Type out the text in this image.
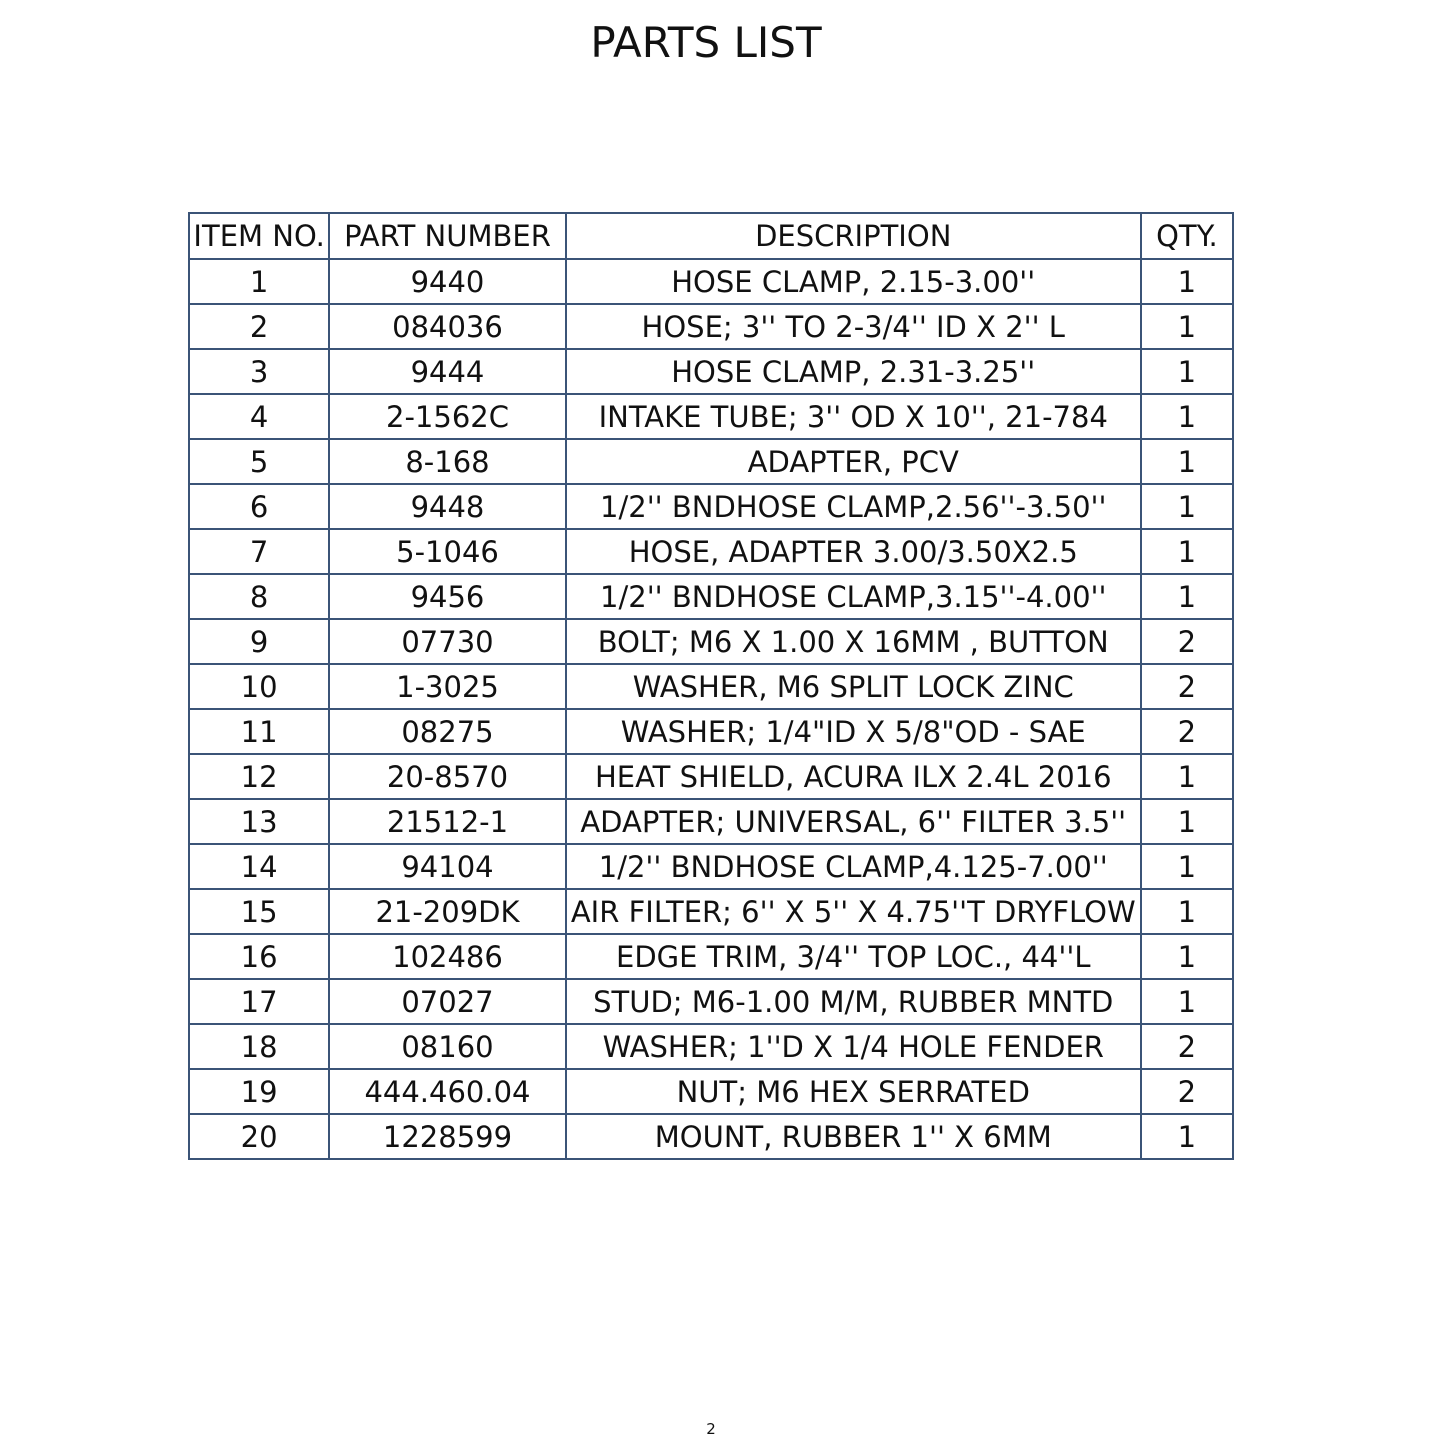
PARTS LIST
ITEM NO.	PART NUMBER	DESCRIPTION	QTY.
1	9440	HOSE CLAMP, 2.15-3.00''	1
2	084036	HOSE; 3'' TO 2-3/4'' ID X 2'' L	1
3	9444	HOSE CLAMP, 2.31-3.25''	1
4	2-1562C	INTAKE TUBE; 3'' OD X 10'', 21-784	1
5	8-168	ADAPTER, PCV	1
6	9448	1/2'' BNDHOSE CLAMP,2.56''-3.50''	1
7	5-1046	HOSE, ADAPTER 3.00/3.50X2.5	1
8	9456	1/2'' BNDHOSE CLAMP,3.15''-4.00''	1
9	07730	BOLT; M6 X 1.00 X 16MM , BUTTON	2
10	1-3025	WASHER, M6 SPLIT LOCK ZINC	2
11	08275	WASHER; 1/4"ID X 5/8"OD - SAE	2
12	20-8570	HEAT SHIELD, ACURA ILX 2.4L 2016	1
13	21512-1	ADAPTER; UNIVERSAL, 6'' FILTER 3.5''	1
14	94104	1/2'' BNDHOSE CLAMP,4.125-7.00''	1
15	21-209DK	AIR FILTER; 6'' X 5'' X 4.75''T DRYFLOW	1
16	102486	EDGE TRIM, 3/4'' TOP LOC., 44''L	1
17	07027	STUD; M6-1.00 M/M, RUBBER MNTD	1
18	08160	WASHER; 1''D X 1/4 HOLE FENDER	2
19	444.460.04	NUT; M6 HEX SERRATED	2
20	1228599	MOUNT, RUBBER 1'' X 6MM	1
2
